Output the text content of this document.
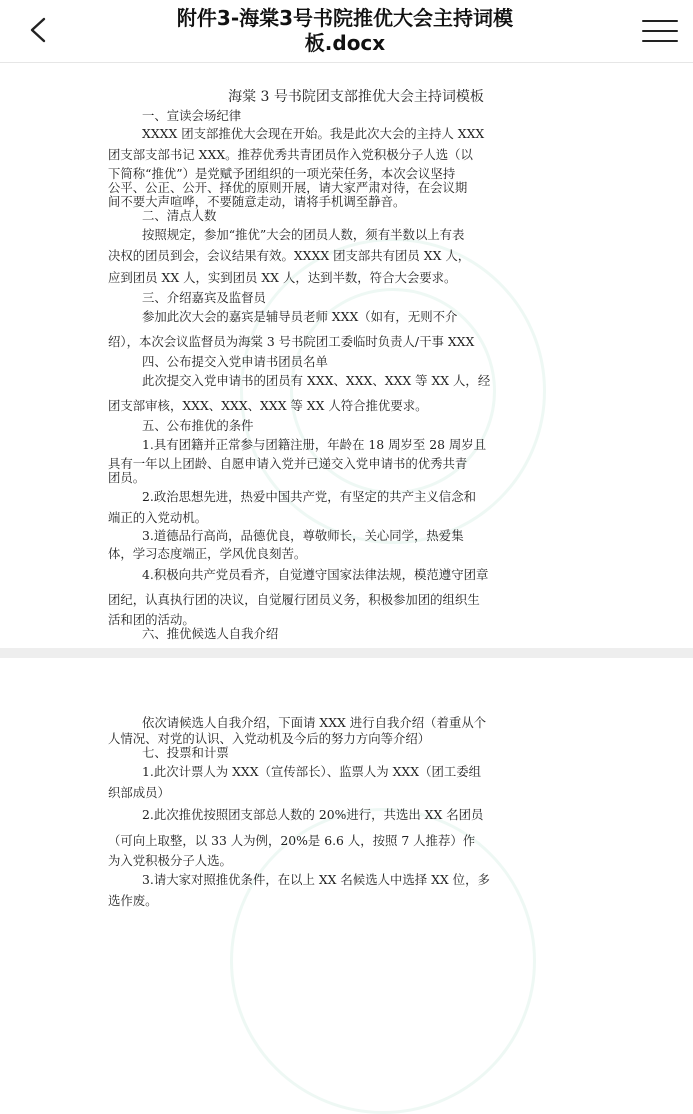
附件3-海棠3号书院推优大会主持词模
板.docx

海棠 3 号书院团支部推优大会主持词模板

一、宣读会场纪律

XXXX 团支部推优大会现在开始。我是此次大会的主持人 XXX

团支部支部书记 XXX。推荐优秀共青团员作入党积极分子人选（以

下简称“推优”）是党赋予团组织的一项光荣任务，本次会议坚持

公平、公正、公开、择优的原则开展，请大家严肃对待，在会议期

间不要大声喧哗，不要随意走动，请将手机调至静音。

二、清点人数

按照规定，参加“推优”大会的团员人数，须有半数以上有表

决权的团员到会，会议结果有效。XXXX 团支部共有团员 XX 人，

应到团员 XX 人，实到团员 XX 人，达到半数，符合大会要求。

三、介绍嘉宾及监督员

参加此次大会的嘉宾是辅导员老师 XXX（如有，无则不介

绍），本次会议监督员为海棠 3 号书院团工委临时负责人/干事 XXX

四、公布提交入党申请书团员名单

此次提交入党申请书的团员有 XXX、XXX、XXX 等 XX 人，经

团支部审核，XXX、XXX、XXX 等 XX 人符合推优要求。

五、公布推优的条件

1.具有团籍并正常参与团籍注册，年龄在 18 周岁至 28 周岁且

具有一年以上团龄、自愿申请入党并已递交入党申请书的优秀共青

团员。

2.政治思想先进，热爱中国共产党，有坚定的共产主义信念和

端正的入党动机。

3.道德品行高尚，品德优良，尊敬师长，关心同学，热爱集

体，学习态度端正，学风优良刻苦。

4.积极向共产党员看齐，自觉遵守国家法律法规，模范遵守团章

团纪，认真执行团的决议，自觉履行团员义务，积极参加团的组织生

活和团的活动。

六、推优候选人自我介绍

依次请候选人自我介绍，下面请 XXX 进行自我介绍（着重从个

人情况、对党的认识、入党动机及今后的努力方向等介绍）

七、投票和计票

1.此次计票人为 XXX（宣传部长）、监票人为 XXX（团工委组

织部成员）

2.此次推优按照团支部总人数的 20%进行，共选出 XX 名团员

（可向上取整，以 33 人为例，20%是 6.6 人，按照 7 人推荐）作

为入党积极分子人选。

3.请大家对照推优条件，在以上 XX 名候选人中选择 XX 位，多

选作废。
